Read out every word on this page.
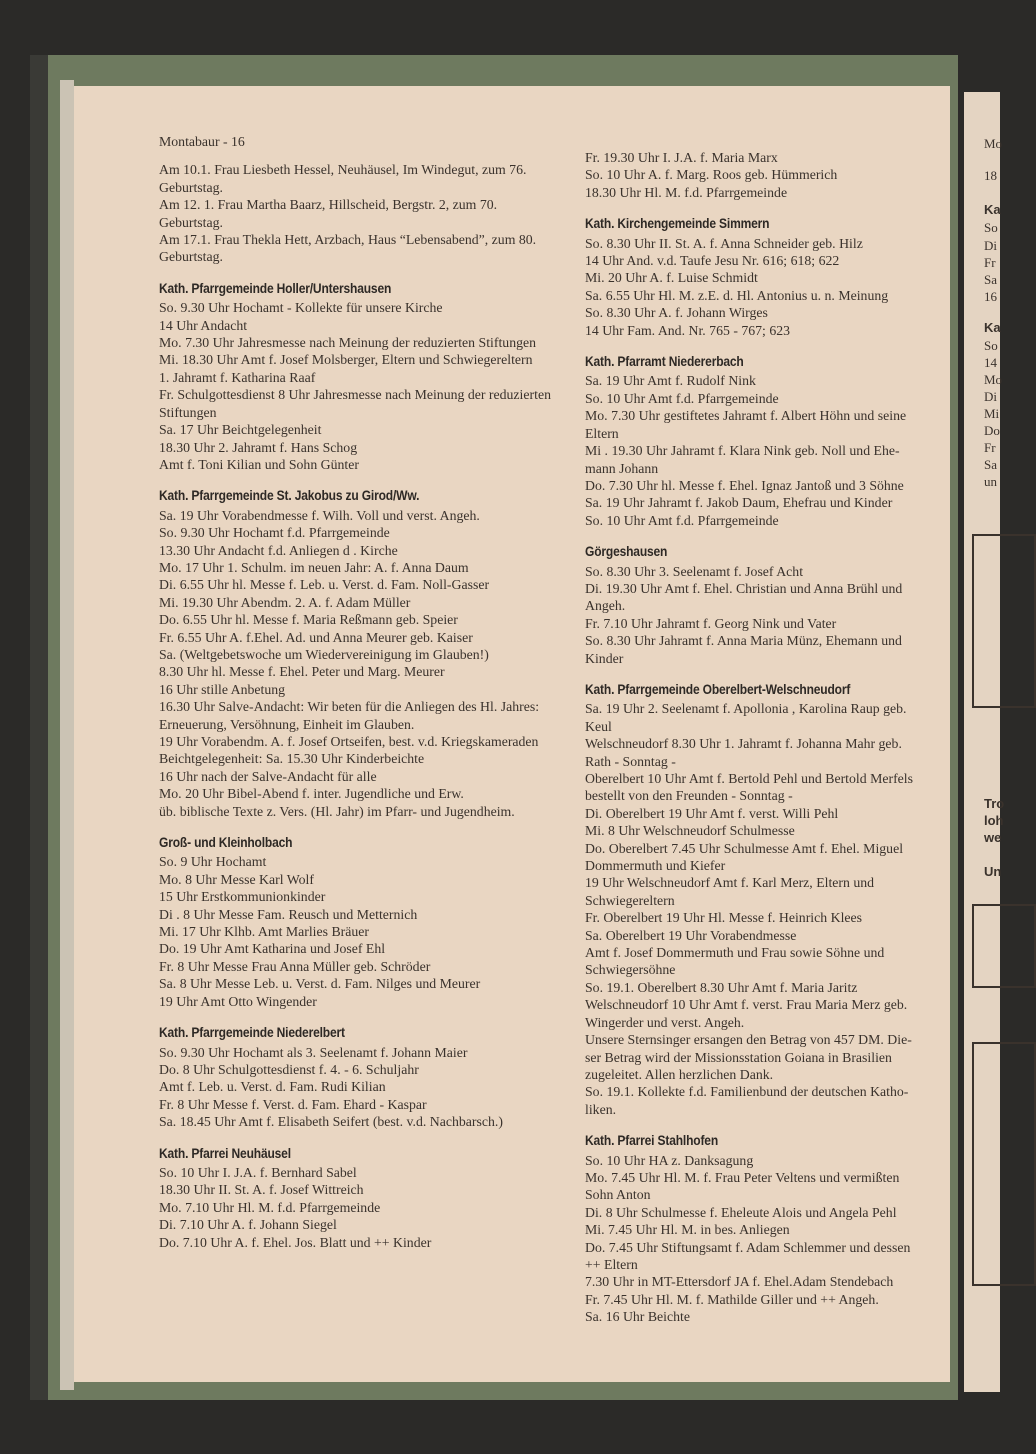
Mo
18
Ka
So
Di
Fr
Sa
16
Ka
So
14
Mo
Di
Mi
Do
Fr
Sa
un
Tro
loh
we
Un
Montabaur - 16
Am 10.1. Frau Liesbeth Hessel, Neuhäusel, Im Windegut, zum 76. Geburtstag.
Am 12. 1. Frau Martha Baarz, Hillscheid, Bergstr. 2, zum 70. Geburtstag.
Am 17.1. Frau Thekla Hett, Arzbach, Haus “Lebensabend”, zum 80. Geburtstag.
Kath. Pfarrgemeinde Holler/Untershausen
So. 9.30 Uhr Hochamt - Kollekte für unsere Kirche
14 Uhr Andacht
Mo. 7.30 Uhr Jahresmesse nach Meinung der reduzierten Stiftungen
Mi. 18.30 Uhr Amt f. Josef Molsberger, Eltern und Schwiegereltern
1. Jahramt f. Katharina Raaf
Fr. Schulgottesdienst 8 Uhr Jahresmesse nach Meinung der reduzierten Stiftungen
Sa. 17 Uhr Beichtgelegenheit
18.30 Uhr 2. Jahramt f. Hans Schog
Amt f. Toni Kilian und Sohn Günter
Kath. Pfarrgemeinde St. Jakobus zu Girod/Ww.
Sa. 19 Uhr Vorabendmesse f. Wilh. Voll und verst. Angeh.
So. 9.30 Uhr Hochamt f.d. Pfarrgemeinde
13.30 Uhr Andacht f.d. Anliegen d . Kirche
Mo. 17 Uhr 1. Schulm. im neuen Jahr: A. f. Anna Daum
Di. 6.55 Uhr hl. Messe f. Leb. u. Verst. d. Fam. Noll-Gasser
Mi. 19.30 Uhr Abendm. 2. A. f. Adam Müller
Do. 6.55 Uhr hl. Messe f. Maria Reßmann geb. Speier
Fr. 6.55 Uhr A. f.Ehel. Ad. und Anna Meurer geb. Kaiser
Sa. (Weltgebetswoche um Wiedervereinigung im Glauben!)
8.30 Uhr hl. Messe f. Ehel. Peter und Marg. Meurer
16 Uhr stille Anbetung
16.30 Uhr Salve-Andacht: Wir beten für die Anliegen des Hl. Jahres: Erneuerung, Versöhnung, Einheit im Glauben.
19 Uhr Vorabendm. A. f. Josef Ortseifen, best. v.d. Kriegskameraden
Beichtgelegenheit: Sa. 15.30 Uhr Kinderbeichte
16 Uhr nach der Salve-Andacht für alle
Mo. 20 Uhr Bibel-Abend f. inter. Jugendliche und Erw.
üb. biblische Texte z. Vers. (Hl. Jahr) im Pfarr- und Jugendheim.
Groß- und Kleinholbach
So. 9 Uhr Hochamt
Mo. 8 Uhr Messe Karl Wolf
15 Uhr Erstkommunionkinder
Di . 8 Uhr Messe Fam. Reusch und Metternich
Mi. 17 Uhr Klhb. Amt Marlies Bräuer
Do. 19 Uhr Amt Katharina und Josef Ehl
Fr. 8 Uhr Messe Frau Anna Müller geb. Schröder
Sa. 8 Uhr Messe Leb. u. Verst. d. Fam. Nilges und Meurer
19 Uhr Amt Otto Wingender
Kath. Pfarrgemeinde Niederelbert
So. 9.30 Uhr Hochamt als 3. Seelenamt f. Johann Maier
Do. 8 Uhr Schulgottesdienst f. 4. - 6. Schuljahr
Amt f. Leb. u. Verst. d. Fam. Rudi Kilian
Fr. 8 Uhr Messe f. Verst. d. Fam. Ehard - Kaspar
Sa. 18.45 Uhr Amt f. Elisabeth Seifert (best. v.d. Nachbarsch.)
Kath. Pfarrei Neuhäusel
So. 10 Uhr I. J.A. f. Bernhard Sabel
18.30 Uhr II. St. A. f. Josef Wittreich
Mo. 7.10 Uhr Hl. M. f.d. Pfarrgemeinde
Di. 7.10 Uhr A. f. Johann Siegel
Do. 7.10 Uhr A. f. Ehel. Jos. Blatt und ++ Kinder
Fr. 19.30 Uhr I. J.A. f. Maria Marx
So. 10 Uhr A. f. Marg. Roos geb. Hümmerich
18.30 Uhr Hl. M. f.d. Pfarrgemeinde
Kath. Kirchengemeinde Simmern
So. 8.30 Uhr II. St. A. f. Anna Schneider geb. Hilz
14 Uhr And. v.d. Taufe Jesu Nr. 616; 618; 622
Mi. 20 Uhr A. f. Luise Schmidt
Sa. 6.55 Uhr Hl. M. z.E. d. Hl. Antonius u. n. Meinung
So. 8.30 Uhr A. f. Johann Wirges
14 Uhr Fam. And. Nr. 765 - 767; 623
Kath. Pfarramt Niedererbach
Sa. 19 Uhr Amt f. Rudolf Nink
So. 10 Uhr Amt f.d. Pfarrgemeinde
Mo. 7.30 Uhr gestiftetes Jahramt f. Albert Höhn und seine
Eltern
Mi . 19.30 Uhr Jahramt f. Klara Nink geb. Noll und Ehe-
mann Johann
Do. 7.30 Uhr hl. Messe f. Ehel. Ignaz Jantoß und 3 Söhne
Sa. 19 Uhr Jahramt f. Jakob Daum, Ehefrau und Kinder
So. 10 Uhr Amt f.d. Pfarrgemeinde
Görgeshausen
So. 8.30 Uhr 3. Seelenamt f. Josef Acht
Di. 19.30 Uhr Amt f. Ehel. Christian und Anna Brühl und
Angeh.
Fr. 7.10 Uhr Jahramt f. Georg Nink und Vater
So. 8.30 Uhr Jahramt f. Anna Maria Münz, Ehemann und
Kinder
Kath. Pfarrgemeinde Oberelbert-Welschneudorf
Sa. 19 Uhr 2. Seelenamt f. Apollonia , Karolina Raup geb.
Keul
Welschneudorf 8.30 Uhr 1. Jahramt f. Johanna Mahr geb.
Rath - Sonntag -
Oberelbert 10 Uhr Amt f. Bertold Pehl und Bertold Merfels
bestellt von den Freunden - Sonntag -
Di. Oberelbert 19 Uhr Amt f. verst. Willi Pehl
Mi. 8 Uhr Welschneudorf Schulmesse
Do. Oberelbert 7.45 Uhr Schulmesse Amt f. Ehel. Miguel
Dommermuth und Kiefer
19 Uhr Welschneudorf Amt f. Karl Merz, Eltern und
Schwiegereltern
Fr. Oberelbert 19 Uhr Hl. Messe f. Heinrich Klees
Sa. Oberelbert 19 Uhr Vorabendmesse
Amt f. Josef Dommermuth und Frau sowie Söhne und
Schwiegersöhne
So. 19.1. Oberelbert 8.30 Uhr Amt f. Maria Jaritz
Welschneudorf 10 Uhr Amt f. verst. Frau Maria Merz geb.
Wingerder und verst. Angeh.
Unsere Sternsinger ersangen den Betrag von 457 DM. Die-
ser Betrag wird der Missionsstation Goiana in Brasilien
zugeleitet. Allen herzlichen Dank.
So. 19.1. Kollekte f.d. Familienbund der deutschen Katho-
liken.
Kath. Pfarrei Stahlhofen
So. 10 Uhr HA z. Danksagung
Mo. 7.45 Uhr Hl. M. f. Frau Peter Veltens und vermißten
Sohn Anton
Di. 8 Uhr Schulmesse f. Eheleute Alois und Angela Pehl
Mi. 7.45 Uhr Hl. M. in bes. Anliegen
Do. 7.45 Uhr Stiftungsamt f. Adam Schlemmer und dessen
++ Eltern
7.30 Uhr in MT-Ettersdorf JA f. Ehel.Adam Stendebach
Fr. 7.45 Uhr Hl. M. f. Mathilde Giller und ++ Angeh.
Sa. 16 Uhr Beichte
